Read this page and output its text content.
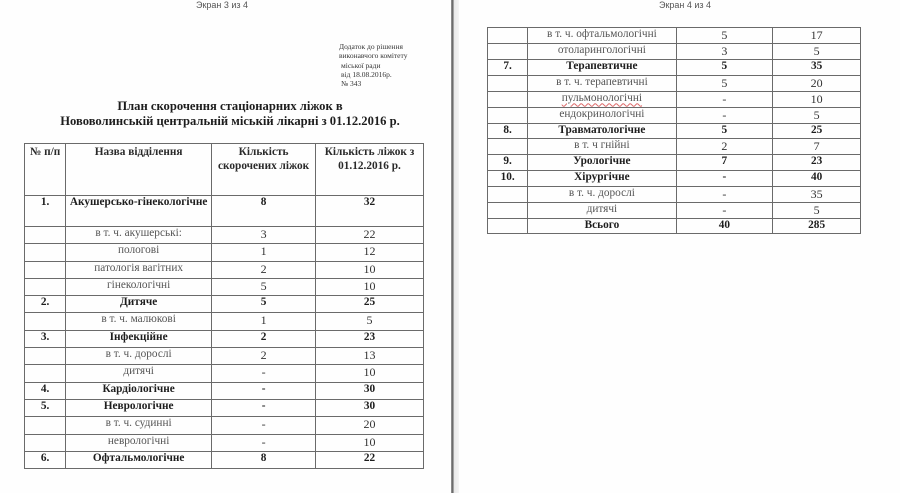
Экран 3 из 4
Додаток до рішення
виконавчого комітету
міської ради
від 18.08.2016р.
№ 343
План скорочення стаціонарних ліжок в
Нововолинській центральній міській лікарні з 01.12.2016 р.
№ п/п	Назва відділення	Кількість скорочених ліжок	Кількість ліжок з 01.12.2016 р.
1.	Акушерсько-гінекологічне	8	32
	в т. ч. акушерські:	3	22
	пологові	1	12
	патологія вагітних	2	10
	гінекологічні	5	10
2.	Дитяче	5	25
	в т. ч. малюкові	1	5
3.	Інфекційне	2	23
	в т. ч. дорослі	2	13
	дитячі	-	10
4.	Кардіологічне	-	30
5.	Неврологічне	-	30
	в т. ч. судинні	-	20
	неврологічні	-	10
6.	Офтальмологічне	8	22
Экран 4 из 4
	в т. ч. офтальмологічні	5	17
	отоларингологічні	3	5
7.	Терапевтичне	5	35
	в т. ч. терапевтичні	5	20
	пульмонологічні	-	10
	ендокринологічні	-	5
8.	Травматологічне	5	25
	в т. ч гнійні	2	7
9.	Урологічне	7	23
10.	Хірургічне	-	40
	в т. ч. дорослі	-	35
	дитячі	-	5
	Всього	40	285
